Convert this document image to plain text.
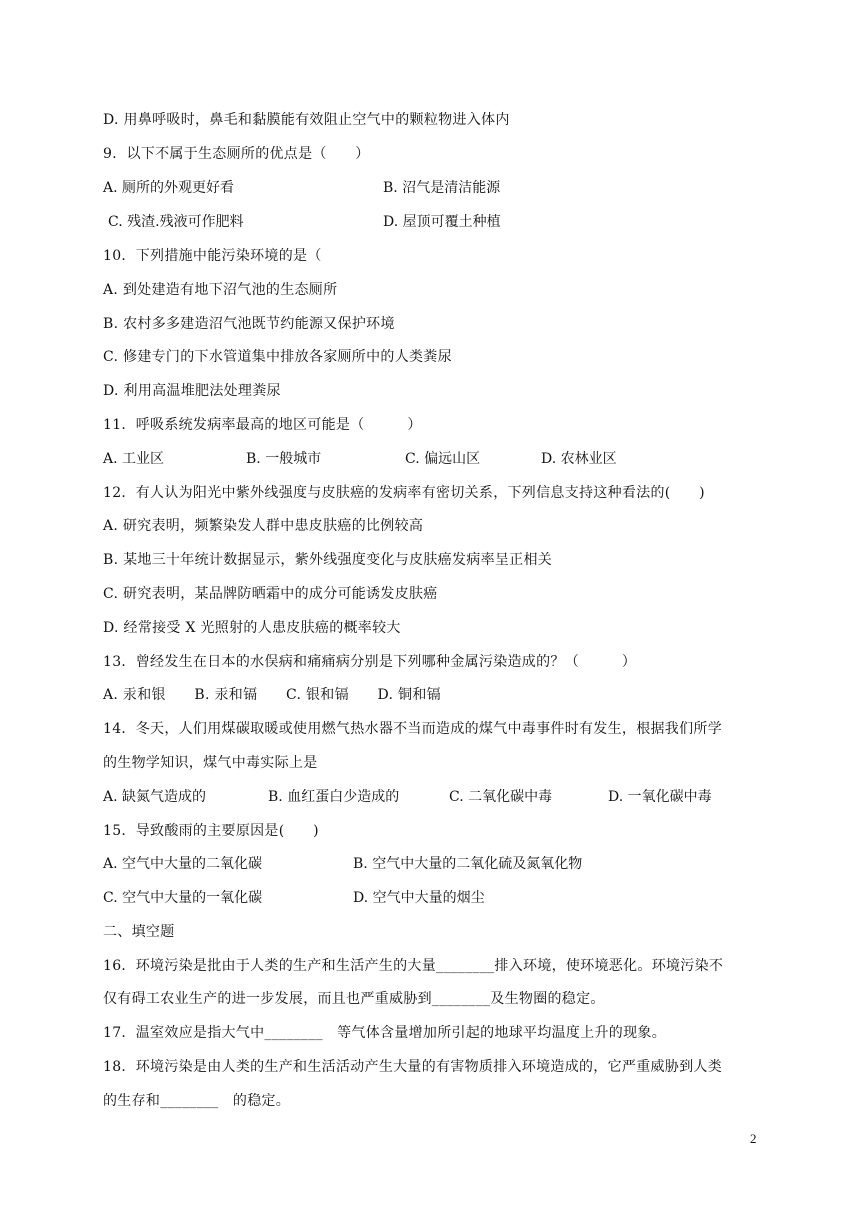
D. 用鼻呼吸时，鼻毛和黏膜能有效阻止空气中的颗粒物进入体内
9．以下不属于生态厕所的优点是（　　）
A. 厕所的外观更好看	B. 沼气是清洁能源
C. 残渣.残液可作肥料	D. 屋顶可覆土种植
10．下列措施中能污染环境的是（
A. 到处建造有地下沼气池的生态厕所
B. 农村多多建造沼气池既节约能源又保护环境
C. 修建专门的下水管道集中排放各家厕所中的人类粪尿
D. 利用高温堆肥法处理粪尿
11．呼吸系统发病率最高的地区可能是（　　　）
A. 工业区	B. 一般城市	C. 偏远山区	D. 农林业区
12．有人认为阳光中紫外线强度与皮肤癌的发病率有密切关系，下列信息支持这种看法的(　　)
A. 研究表明，频繁染发人群中患皮肤癌的比例较高
B. 某地三十年统计数据显示，紫外线强度变化与皮肤癌发病率呈正相关
C. 研究表明，某品牌防晒霜中的成分可能诱发皮肤癌
D. 经常接受 X 光照射的人患皮肤癌的概率较大
13．曾经发生在日本的水俣病和痛痛病分别是下列哪种金属污染造成的？（　　　）
A. 汞和银　　B. 汞和镉　　C. 银和镉　　D. 铜和镉
14．冬天，人们用煤碳取暖或使用燃气热水器不当而造成的煤气中毒事件时有发生，根据我们所学
的生物学知识，煤气中毒实际上是
A. 缺氮气造成的	B. 血红蛋白少造成的	C. 二氧化碳中毒	D. 一氧化碳中毒
15．导致酸雨的主要原因是(　　)
A. 空气中大量的二氧化碳	B. 空气中大量的二氧化硫及氮氧化物
C. 空气中大量的一氧化碳	D. 空气中大量的烟尘
二、填空题
16．环境污染是批由于人类的生产和生活产生的大量________排入环境，使环境恶化。环境污染不
仅有碍工农业生产的进一步发展，而且也严重威胁到________及生物圈的稳定。
17．温室效应是指大气中________　等气体含量增加所引起的地球平均温度上升的现象。
18．环境污染是由人类的生产和生活活动产生大量的有害物质排入环境造成的，它严重威胁到人类
的生存和________　的稳定。
2
